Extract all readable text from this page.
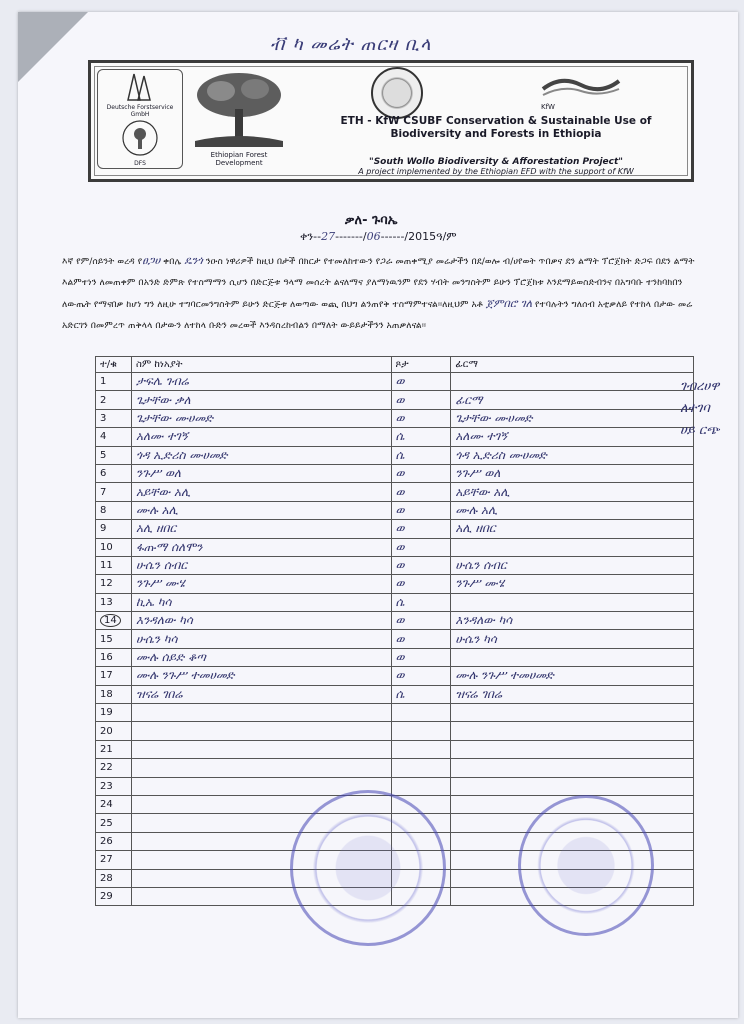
ቭ ካ መሬት ጠርዛ ቢላ
Deutsche Forstservice GmbH
DFS
Ethiopian Forest Development
KfW
ETH - KfW CSUBF Conservation & Sustainable Use of Biodiversity and Forests in Ethiopia
"South Wollo Biodiversity & Afforestation Project"
A project implemented by the Ethiopian EFD with the support of KfW
ቃለ- ጉባኤ
ቀን--27-------/06------/2015ዓ/ም
እኛ የም/ሰይንት ወረዳ የፀጋሀ ቀበሌ ዴንጎ ንዑስ ነዋሪዎች ከዚህ በታች በክርታ የተመለከተውን የጋራ መጠቀሚያ መሬታችን በደ/ወሎ ብ/ሀየወት ጥበቃና ደን ልማት ፕሮጀክት ድጋፍ በደን ልማት እልምተነን ለመጠቀም በአንድ ድምጽ የተስማማን ሲሆን በድርጅቱ ዓላማ መሰረት ልናለማና ያለማነዉንም የደን ሃብት መንግስትም ይሁን ፕሮጀክቱ እንደማይወስድብንና በአግባቡ ተንከባክበን ለውጤት የማናበቃ ከሆነ ግን ለዚሁ ተግባርመንግስትም ይሁን ድርጅቱ ለወጣው ወጪ በህግ ልንጠየቅ ተስማምተናል፡፡ለዚህም አቶ ጀምበሮ ገለ የተባሉትን ግለሰብ አቲቃለይ የተከላ በታው መሬ አድርገን በመምረጥ ጠቅላላ በታውን ለተከላ ቡድን መረወች እንዳስረከብልን በማለት ውይይታችንን አጠቃለናል፡፡
ተ/ቁ	ስም ከነአያት	ጾታ	ፊርማ
1	ታፍሌ ገብሬ	ወ	
2	ጌታቸው ቃለ	ወ	ፊርማ
3	ጌታቸው ሙሀመድ	ወ	ጌታቸው ሙሀመድ
4	አለሙ ተገኝ	ሴ	አለሙ ተገኝ
5	ጎዳ ኢድሪስ ሙሀመድ	ሴ	ጎዳ ኢድሪስ ሙሀመድ
6	ንጉሥ ወለ	ወ	ንጉሥ ወለ
7	አይቸው አሊ	ወ	አይቸው አሊ
8	ሙሉ አሊ	ወ	ሙሉ አሊ
9	አሊ ዘበር	ወ	አሊ ዘበር
10	ፋጡማ ሰለሞን	ወ	
11	ሁሴን ሰብር	ወ	ሁሴን ሰብር
12	ንጉሥ ሙሄ	ወ	ንጉሥ ሙሄ
13	ኪኤ ካሳ	ሴ	
14	እንዳለው ካሳ	ወ	እንዳለው ካሳ
15	ሁሴን ካሳ	ወ	ሁሴን ካሳ
16	ሙሉ ሰይድ ቆጣ	ወ	
17	ሙሉ ንጉሥ ተመሀመድ	ወ	ሙሉ ንጉሥ ተመሀመድ
18	ዝናሬ ገበሬ	ሴ	ዝናሬ ገበሬ
19			
20			
21			
22			
23			
24			
25			
26			
27			
28			
29			
ገብረሀዋ
ለተገባ
ሀይ ርጭ
